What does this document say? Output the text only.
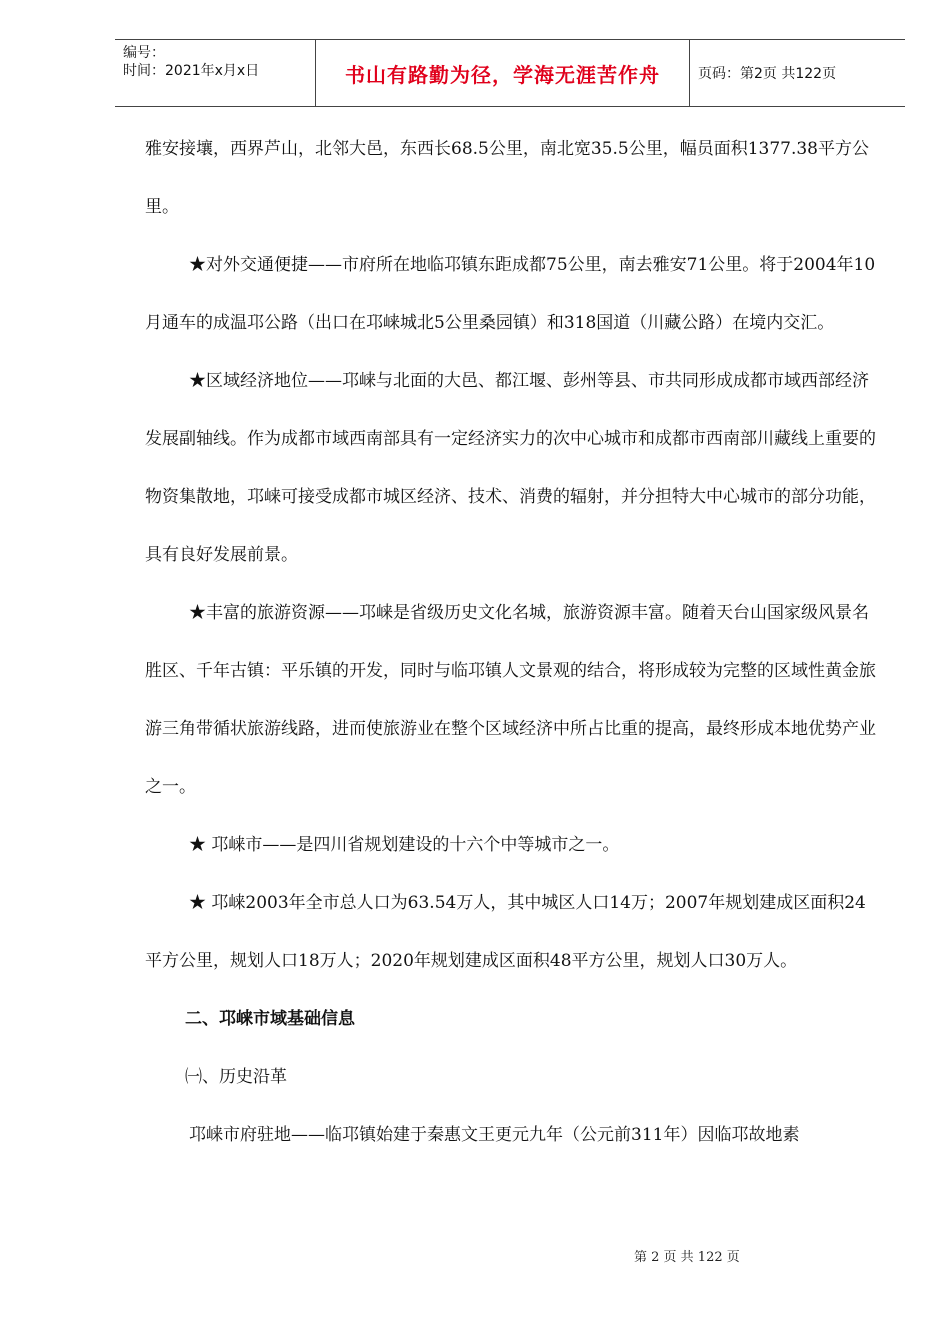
编号：
时间：2021年x月x日	书山有路勤为径，学海无涯苦作舟	页码：第2页 共122页

雅安接壤，西界芦山，北邻大邑，东西长68.5公里，南北宽35.5公里，幅员面积1377.38平方公里。

★对外交通便捷——市府所在地临邛镇东距成都75公里，南去雅安71公里。将于2004年10月通车的成温邛公路（出口在邛崃城北5公里桑园镇）和318国道（川藏公路）在境内交汇。

★区域经济地位——邛崃与北面的大邑、都江堰、彭州等县、市共同形成成都市域西部经济发展副轴线。作为成都市域西南部具有一定经济实力的次中心城市和成都市西南部川藏线上重要的物资集散地，邛崃可接受成都市城区经济、技术、消费的辐射，并分担特大中心城市的部分功能，具有良好发展前景。

★丰富的旅游资源——邛崃是省级历史文化名城，旅游资源丰富。随着天台山国家级风景名胜区、千年古镇：平乐镇的开发，同时与临邛镇人文景观的结合，将形成较为完整的区域性黄金旅游三角带循状旅游线路，进而使旅游业在整个区域经济中所占比重的提高，最终形成本地优势产业之一。

★ 邛崃市——是四川省规划建设的十六个中等城市之一。

★ 邛崃2003年全市总人口为63.54万人，其中城区人口14万；2007年规划建成区面积24平方公里，规划人口18万人；2020年规划建成区面积48平方公里，规划人口30万人。

二、邛崃市域基础信息

㈠、历史沿革

邛崃市府驻地——临邛镇始建于秦惠文王更元九年（公元前311年）因临邛故地素

第 2 页 共 122 页
